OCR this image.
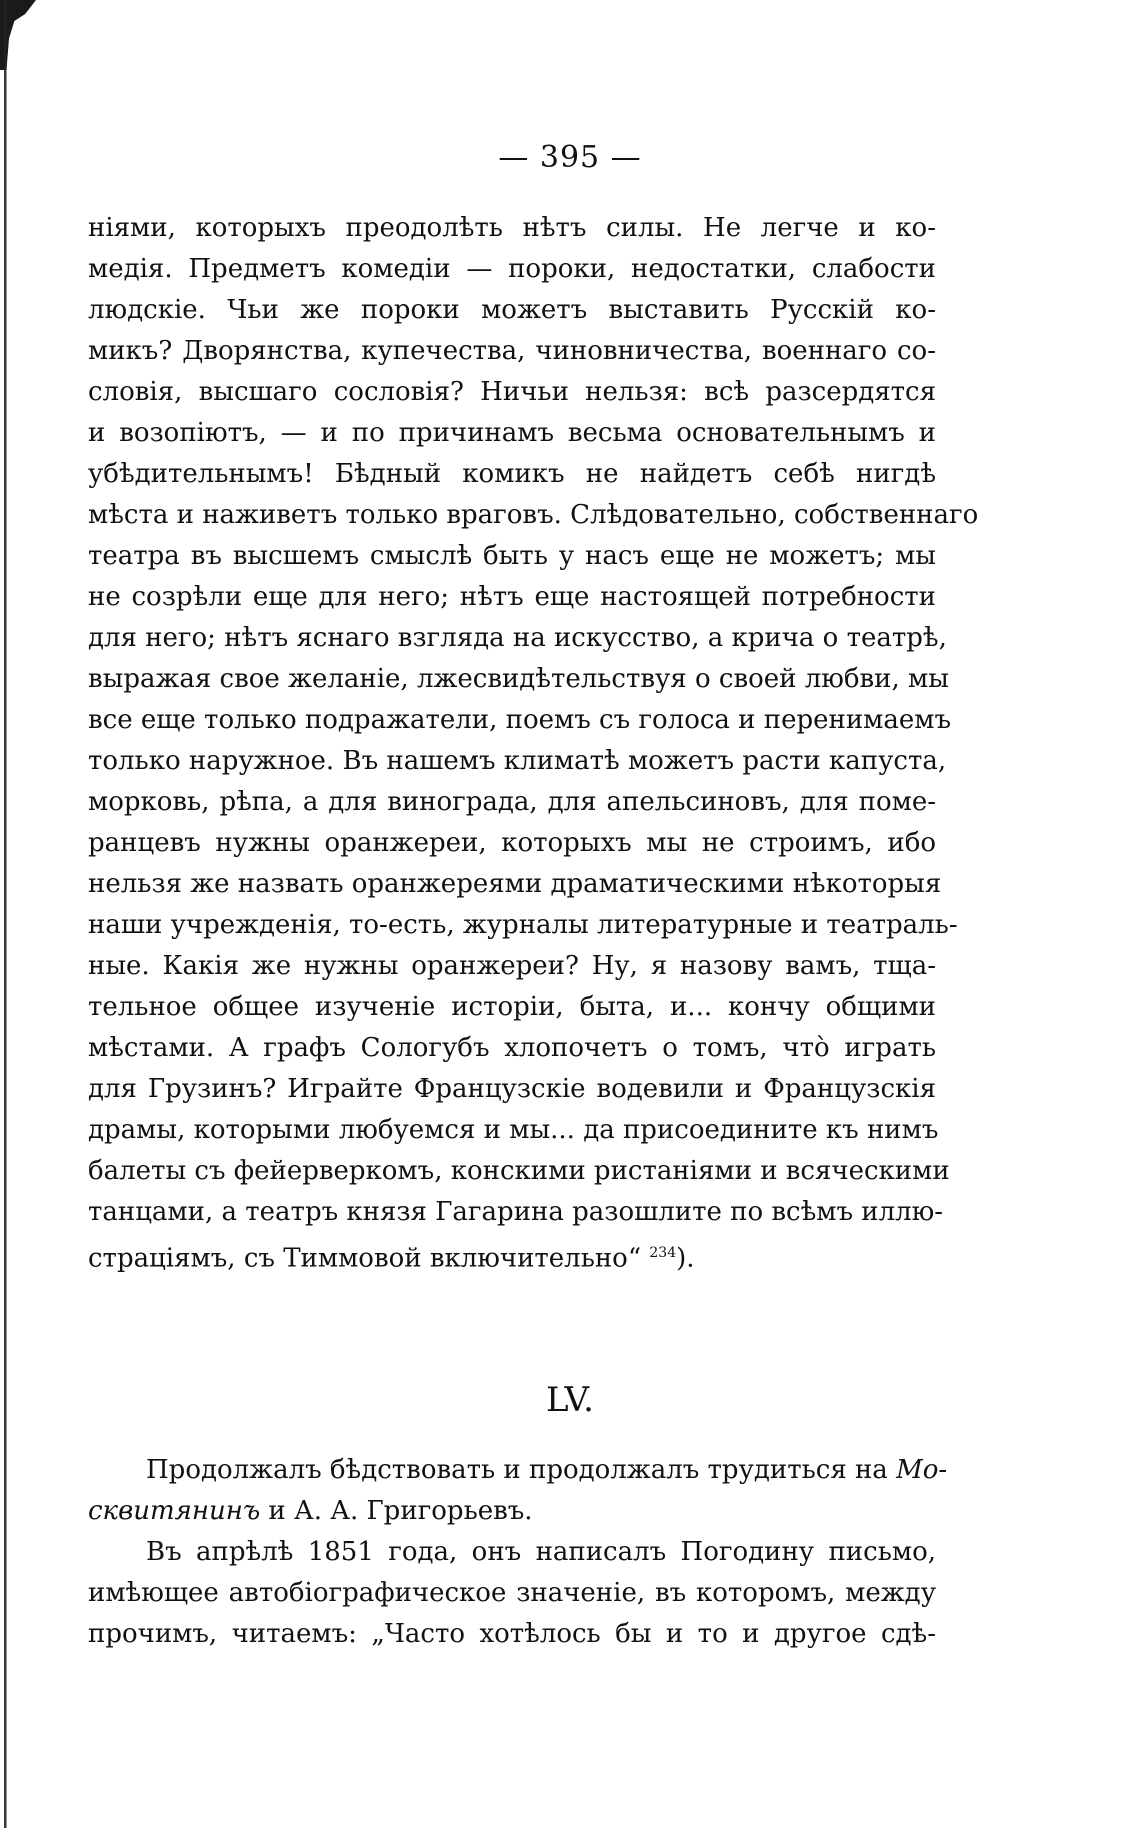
— 395 —
ніями, которыхъ преодолѣть нѣтъ силы. Не легче и ко-
медія. Предметъ комедіи — пороки, недостатки, слабости
людскіе. Чьи же пороки можетъ выставить Русскій ко-
микъ? Дворянства, купечества, чиновничества, военнаго со-
словія, высшаго сословія? Ничьи нельзя: всѣ разсердятся
и возопіютъ, — и по причинамъ весьма основательнымъ и
убѣдительнымъ! Бѣдный комикъ не найдетъ себѣ нигдѣ
мѣста и наживетъ только враговъ. Слѣдовательно, собственнаго
театра въ высшемъ смыслѣ быть у насъ еще не можетъ; мы
не созрѣли еще для него; нѣтъ еще настоящей потребности
для него; нѣтъ яснаго взгляда на искусство, а крича о театрѣ,
выражая свое желаніе, лжесвидѣтельствуя о своей любви, мы
все еще только подражатели, поемъ съ голоса и перенимаемъ
только наружное. Въ нашемъ климатѣ можетъ расти капуста,
морковь, рѣпа, а для винограда, для апельсиновъ, для поме-
ранцевъ нужны оранжереи, которыхъ мы не строимъ, ибо
нельзя же назвать оранжереями драматическими нѣкоторыя
наши учрежденія, то-есть, журналы литературные и театраль-
ные. Какія же нужны оранжереи? Ну, я назову вамъ, тща-
тельное общее изученіе исторіи, быта, и... кончу общими
мѣстами. А графъ Сологубъ хлопочетъ о томъ, что̀ играть
для Грузинъ? Играйте Французскіе водевили и Французскія
драмы, которыми любуемся и мы... да присоедините къ нимъ
балеты съ фейерверкомъ, конскими ристаніями и всяческими
танцами, а театръ князя Гагарина разошлите по всѣмъ иллю-
страціямъ, съ Тиммовой включительно“ $^{234}$).
LV.
Продолжалъ бѣдствовать и продолжалъ трудиться на Мо-
сквитянинъ и А. А. Григорьевъ.
Въ апрѣлѣ 1851 года, онъ написалъ Погодину письмо,
имѣющее автобіографическое значеніе, въ которомъ, между
прочимъ, читаемъ: „Часто хотѣлось бы и то и другое сдѣ-
